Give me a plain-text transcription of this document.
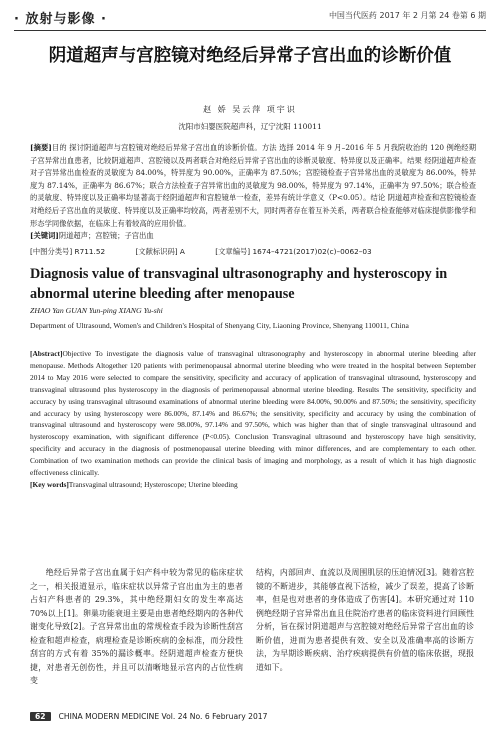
· 放射与影像 ·	中国当代医药 2017 年 2 月第 24 卷第 6 期
阴道超声与宫腔镜对绝经后异常子宫出血的诊断价值
赵 娇 吴云萍 项宇识
沈阳市妇婴医院超声科，辽宁沈阳 110011
[摘要]目的 探讨阴道超声与宫腔镜对绝经后异常子宫出血的诊断价值。方法 选择 2014 年 9 月–2016 年 5 月我院收治的 120 例绝经期子宫异常出血患者，比较阴道超声、宫腔镜以及两者联合对绝经后异常子宫出血的诊断灵敏度、特异度以及正确率。结果 经阴道超声检查对子宫异常出血检查的灵敏度为 84.00%，特异度为 90.00%，正确率为 87.50%；宫腔镜检查子宫异常出血的灵敏度为 86.00%，特异度为 87.14%，正确率为 86.67%；联合方法检查子宫异常出血的灵敏度为 98.00%，特异度为 97.14%，正确率为 97.50%；联合检查的灵敏度、特异度以及正确率均显著高于经阴道超声和宫腔镜单一检查，差异有统计学意义（P<0.05）。结论 阴道超声检查和宫腔镜检查对绝经后子宫出血的灵敏度、特异度以及正确率均较高，两者差别不大，同时两者存在着互补关系，两者联合检查能够对临床提供影像学和形态学同像依据，在临床上有着较高的应用价值。
[关键词]阴道超声；宫腔镜；子宫出血
[中图分类号] R711.52	[文献标识码] A	[文章编号] 1674–4721(2017)02(c)–0062–03
Diagnosis value of transvaginal ultrasonography and hysteroscopy in abnormal uterine bleeding after menopause
ZHAO Yan GUAN Yun-ping XIANG Yu-shi
Department of Ultrasound, Women's and Children's Hospital of Shenyang City, Liaoning Province, Shenyang 110011, China
[Abstract]Objective To investigate the diagnosis value of transvaginal ultrasonography and hysteroscopy in abnormal uterine bleeding after menopause. Methods Altogether 120 patients with perimenopausal abnormal uterine bleeding who were treated in the hospital between September 2014 to May 2016 were selected to compare the sensitivity, specificity and accuracy of application of transvaginal ultrasound, hysteroscopy and transvaginal ultrasound plus hysteroscopy in the diagnosis of perimenopausal abnormal uterine bleeding. Results The sensitivity, specificity and accuracy by using transvaginal ultrasound examinations of abnormal uterine bleeding were 84.00%, 90.00% and 87.50%; the sensitivity, specificity and accuracy by using hysteroscopy were 86.00%, 87.14% and 86.67%; the sensitivity, specificity and accuracy by using the combination of transvaginal ultrasound and hysteroscopy were 98.00%, 97.14% and 97.50%, which was higher than that of single transvaginal ultrasound and hysteroscopy examination, with significant difference (P<0.05). Conclusion Transvaginal ultrasound and hysteroscopy have high sensitivity, specificity and accuracy in the diagnosis of postmenopausal uterine bleeding with minor differences, and are complementary to each other. Combination of two examination methods can provide the clinical basis of imaging and morphology, as a result of which it has high diagnostic effectiveness clinically.
[Key words]Transvaginal ultrasound; Hysteroscope; Uterine bleeding

绝经后异常子宫出血属于妇产科中较为常见的临床症状之一，相关报道显示，临床症状以异常子宫出血为主的患者占妇产科患者的 29.3%，其中绝经期妇女的发生率高达 70%以上[1]。卵巢功能衰退主要是由患者绝经期内的各种代谢变化导致[2]。子宫异常出血的常规检查手段为诊断性刮宫检查和超声检查，病理检查是诊断疾病的金标准，而分段性刮宫的方式有着 35%的漏诊概率。经阴道超声检查方便快捷，对患者无创伤性，并且可以清晰地显示宫内的占位性病变

结构，内部回声、血流以及周围肌层的压迫情况[3]。随着宫腔镜的不断进步，其能够直视下活检，减少了误差，提高了诊断率，但是也对患者的身体造成了伤害[4]。本研究通过对 110 例绝经期子宫异常出血且住院治疗患者的临床资料进行回顾性分析，旨在探讨阴道超声与宫腔镜对绝经后异常子宫出血的诊断价值，进而为患者提供有效、安全以及准确率高的诊断方法，为早期诊断疾病、治疗疾病提供有价值的临床依据，现报道如下。

62 CHINA MODERN MEDICINE Vol. 24 No. 6 February 2017
